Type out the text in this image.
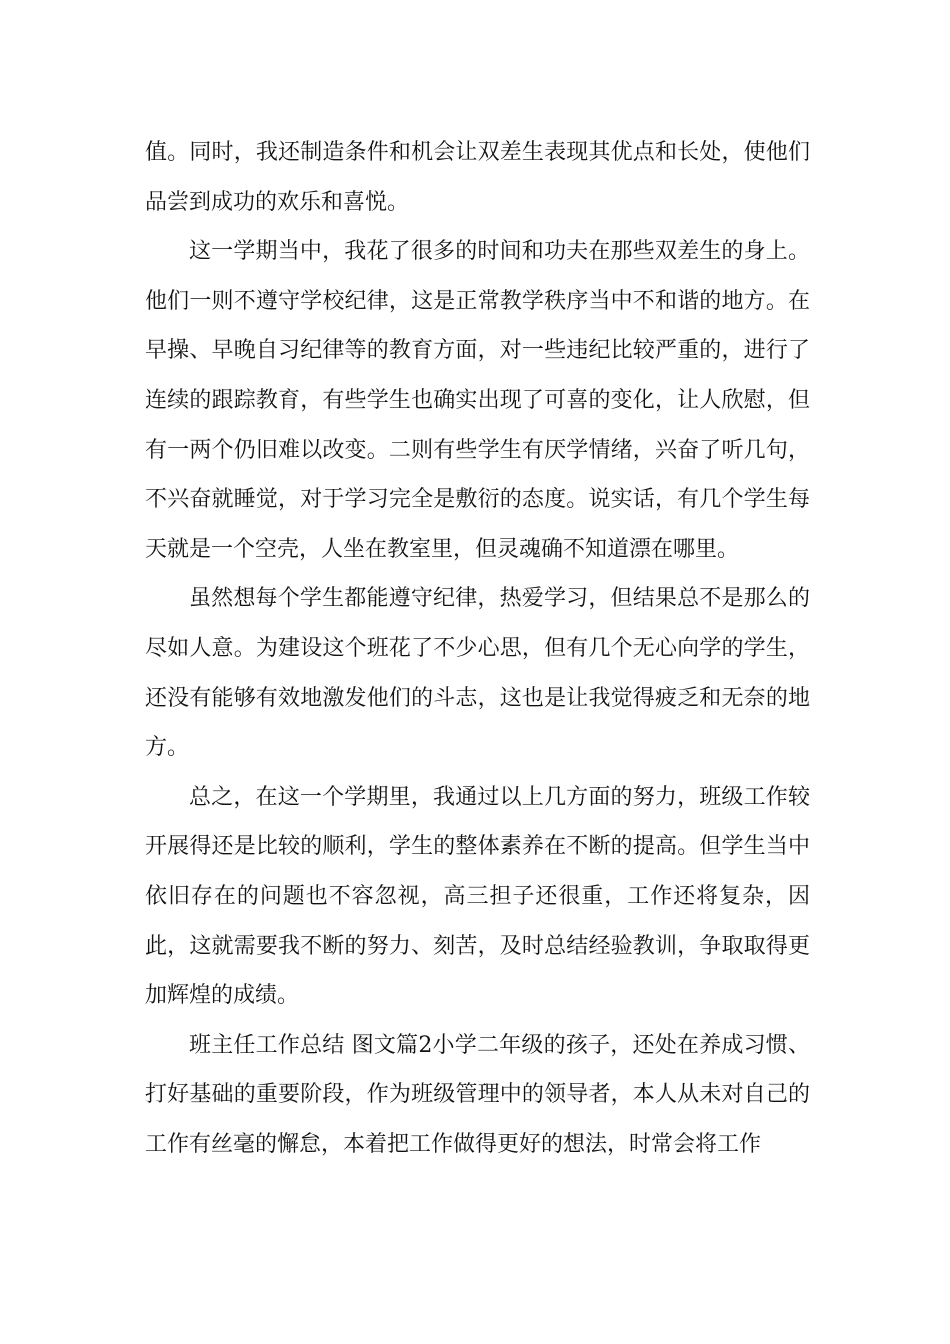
值。同时，我还制造条件和机会让双差生表现其优点和长处，使他们品尝到成功的欢乐和喜悦。

这一学期当中，我花了很多的时间和功夫在那些双差生的身上。他们一则不遵守学校纪律，这是正常教学秩序当中不和谐的地方。在早操、早晚自习纪律等的教育方面，对一些违纪比较严重的，进行了连续的跟踪教育，有些学生也确实出现了可喜的变化，让人欣慰，但有一两个仍旧难以改变。二则有些学生有厌学情绪，兴奋了听几句，不兴奋就睡觉，对于学习完全是敷衍的态度。说实话，有几个学生每天就是一个空壳，人坐在教室里，但灵魂确不知道漂在哪里。

虽然想每个学生都能遵守纪律，热爱学习，但结果总不是那么的尽如人意。为建设这个班花了不少心思，但有几个无心向学的学生，还没有能够有效地激发他们的斗志，这也是让我觉得疲乏和无奈的地方。

总之，在这一个学期里，我通过以上几方面的努力，班级工作较开展得还是比较的顺利，学生的整体素养在不断的提高。但学生当中依旧存在的问题也不容忽视，高三担子还很重，工作还将复杂，因此，这就需要我不断的努力、刻苦，及时总结经验教训，争取取得更加辉煌的成绩。

班主任工作总结 图文篇2小学二年级的孩子，还处在养成习惯、打好基础的重要阶段，作为班级管理中的领导者，本人从未对自己的工作有丝毫的懈怠，本着把工作做得更好的想法，时常会将工作
